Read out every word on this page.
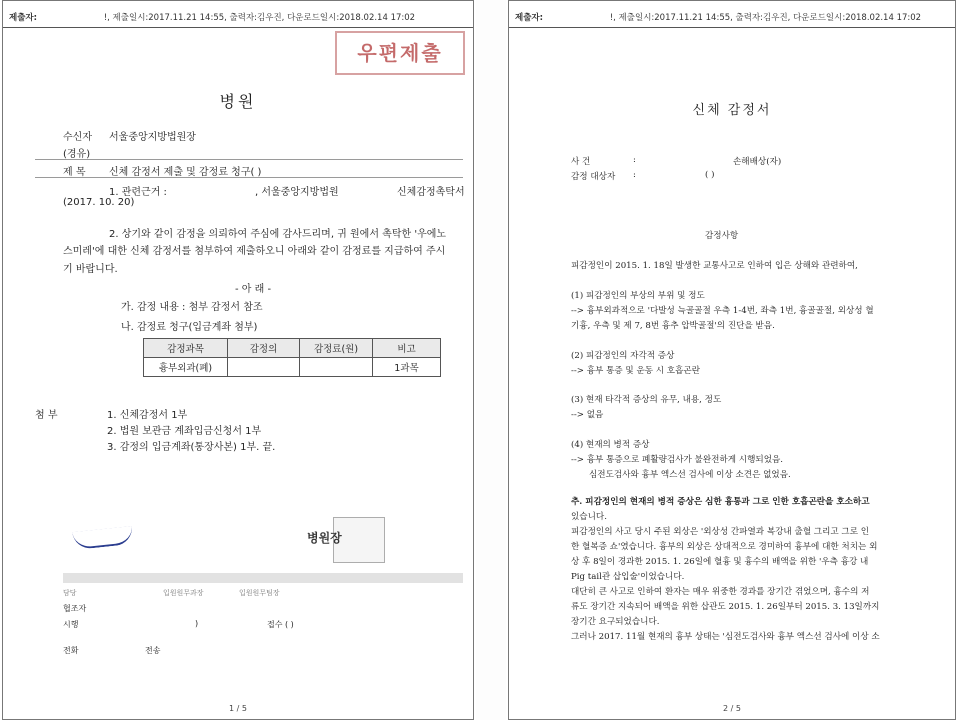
제출자:	!, 제출일시:2017.11.21 14:55, 출력자:김우진, 다운로드일시:2018.02.14 17:02
우편제출
병원
수신자 서울중앙지방법원장
(경유)
제 목 신체 감정서 제출 및 감정료 청구( )
1. 관련근거 :	, 서울중앙지방법원	신체감정촉탁서
(2017. 10. 20)
2. 상기와 같이 감정을 의뢰하여 주심에 감사드리며, 귀 원에서 촉탁한 '우에노
스미레'에 대한 신체 감정서를 첨부하여 제출하오니 아래와 같이 감정료를 지급하여 주시
기 바랍니다.
- 아 래 -
가. 감정 내용 : 첨부 감정서 참조
나. 감정료 청구(입금계좌 첨부)
감정과목	감정의	감정료(원)	비고
흉부외과(폐)			1과목
첨 부	1. 신체감정서 1부
2. 법원 보관금 계좌입금신청서 1부
3. 감정의 입금계좌(통장사본) 1부. 끝.
병원장
담당	입원원무과장	입원원무팀장
협조자
시행	)	접수 ( )
전화	전송
1 / 5
제출자:	!, 제출일시:2017.11.21 14:55, 출력자:김우진, 다운로드일시:2018.02.14 17:02
신체 감정서
사 건	:	손해배상(자)
감정 대상자 :	( )
감정사항
피감정인이 2015. 1. 18일 발생한 교통사고로 인하여 입은 상해와 관련하여,
(1) 피감정인의 부상의 부위 및 정도
--> 흉부외과적으로 '다발성 늑골골절 우측 1-4번, 좌측 1번, 흉골골절, 외상성 혈
기흉, 우측 및 제 7, 8번 흉추 압박골절'의 진단을 받음.
(2) 피감정인의 자각적 증상
--> 흉부 통증 및 운동 시 호흡곤란
(3) 현재 타각적 증상의 유무, 내용, 정도
--> 없음
(4) 현재의 병적 증상
--> 흉부 통증으로 폐활량검사가 불완전하게 시행되었음.
심전도검사와 흉부 엑스선 검사에 이상 소견은 없었음.
추. 피감정인의 현재의 병적 증상은 심한 흉통과 그로 인한 호흡곤란을 호소하고
있습니다.
피감정인의 사고 당시 주된 외상은 '외상성 간파열과 복강내 출혈 그리고 그로 인
한 혈복증 쇼'였습니다. 흉부의 외상은 상대적으로 경미하여 흉부에 대한 처치는 외
상 후 8일이 경과한 2015. 1. 26일에 혈흉 및 흉수의 배액을 위한 '우측 흉강 내
Pig tail관 삽입술'이었습니다.
대단히 큰 사고로 인하여 환자는 매우 위중한 경과를 장기간 겪었으며, 흉수의 저
류도 장기간 지속되어 배액을 위한 삽관도 2015. 1. 26일부터 2015. 3. 13일까지
장기간 요구되었습니다.
그러나 2017. 11월 현재의 흉부 상태는 '심전도검사와 흉부 엑스선 검사에 이상 소
2 / 5
